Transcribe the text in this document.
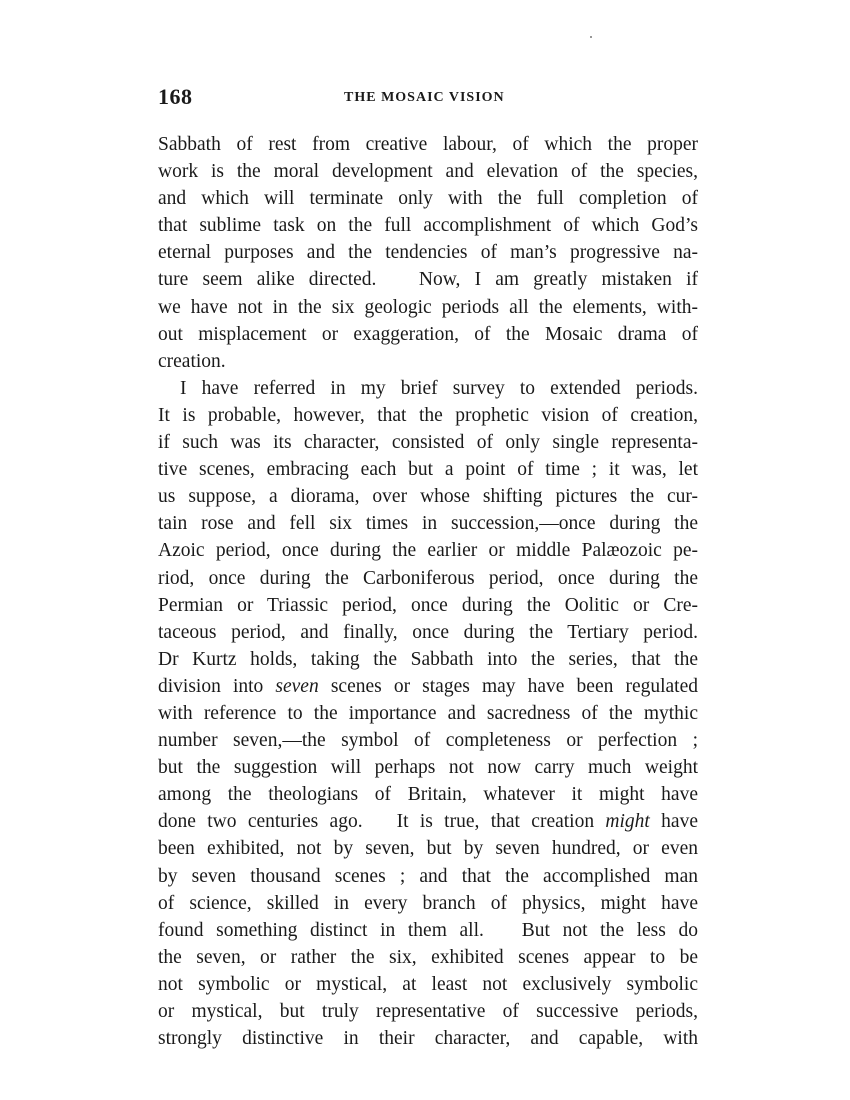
168	THE MOSAIC VISION
Sabbath of rest from creative labour, of which the proper
work is the moral development and elevation of the species,
and which will terminate only with the full completion of
that sublime task on the full accomplishment of which God’s
eternal purposes and the tendencies of man’s progressive na-
ture seem alike directed.   Now, I am greatly mistaken if
we have not in the six geologic periods all the elements, with-
out misplacement or exaggeration, of the Mosaic drama of
creation.
I have referred in my brief survey to extended periods.
It is probable, however, that the prophetic vision of creation,
if such was its character, consisted of only single representa-
tive scenes, embracing each but a point of time ; it was, let
us suppose, a diorama, over whose shifting pictures the cur-
tain rose and fell six times in succession,—once during the
Azoic period, once during the earlier or middle Palæozoic pe-
riod, once during the Carboniferous period, once during the
Permian or Triassic period, once during the Oolitic or Cre-
taceous period, and finally, once during the Tertiary period.
Dr Kurtz holds, taking the Sabbath into the series, that the
division into seven scenes or stages may have been regulated
with reference to the importance and sacredness of the mythic
number seven,—the symbol of completeness or perfection ;
but the suggestion will perhaps not now carry much weight
among the theologians of Britain, whatever it might have
done two centuries ago.   It is true, that creation might have
been exhibited, not by seven, but by seven hundred, or even
by seven thousand scenes ; and that the accomplished man
of science, skilled in every branch of physics, might have
found something distinct in them all.   But not the less do
the seven, or rather the six, exhibited scenes appear to be
not symbolic or mystical, at least not exclusively symbolic
or mystical, but truly representative of successive periods,
strongly distinctive in their character, and capable, with
